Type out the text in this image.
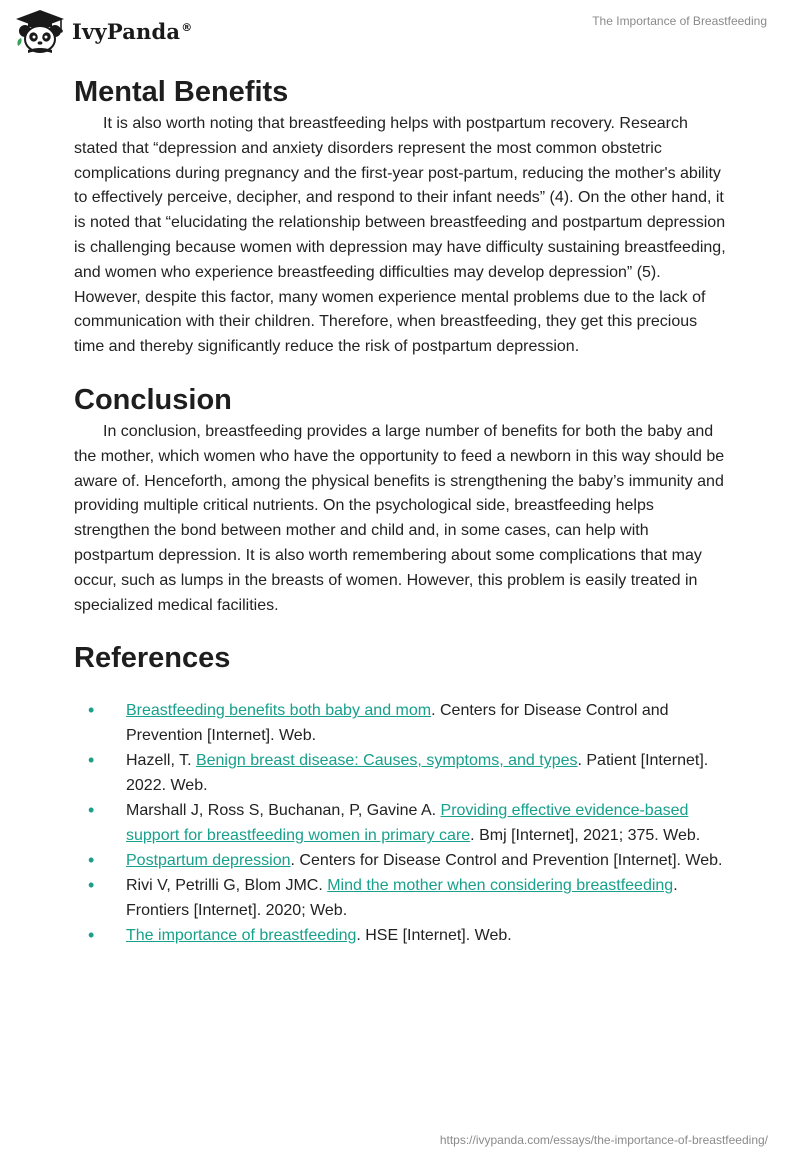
IvyPanda®	The Importance of Breastfeeding
Mental Benefits

It is also worth noting that breastfeeding helps with postpartum recovery. Research stated that “depression and anxiety disorders represent the most common obstetric complications during pregnancy and the first-year post-partum, reducing the mother's ability to effectively perceive, decipher, and respond to their infant needs” (4). On the other hand, it is noted that “elucidating the relationship between breastfeeding and postpartum depression is challenging because women with depression may have difficulty sustaining breastfeeding, and women who experience breastfeeding difficulties may develop depression” (5). However, despite this factor, many women experience mental problems due to the lack of communication with their children. Therefore, when breastfeeding, they get this precious time and thereby significantly reduce the risk of postpartum depression.

Conclusion

In conclusion, breastfeeding provides a large number of benefits for both the baby and the mother, which women who have the opportunity to feed a newborn in this way should be aware of. Henceforth, among the physical benefits is strengthening the baby’s immunity and providing multiple critical nutrients. On the psychological side, breastfeeding helps strengthen the bond between mother and child and, in some cases, can help with postpartum depression. It is also worth remembering about some complications that may occur, such as lumps in the breasts of women. However, this problem is easily treated in specialized medical facilities.

References
• Breastfeeding benefits both baby and mom. Centers for Disease Control and Prevention [Internet]. Web.
• Hazell, T. Benign breast disease: Causes, symptoms, and types. Patient [Internet]. 2022. Web.
• Marshall J, Ross S, Buchanan, P, Gavine A. Providing effective evidence-based support for breastfeeding women in primary care. Bmj [Internet], 2021; 375. Web.
• Postpartum depression. Centers for Disease Control and Prevention [Internet]. Web.
• Rivi V, Petrilli G, Blom JMC. Mind the mother when considering breastfeeding. Frontiers [Internet]. 2020; Web.
• The importance of breastfeeding. HSE [Internet]. Web.
https://ivypanda.com/essays/the-importance-of-breastfeeding/
